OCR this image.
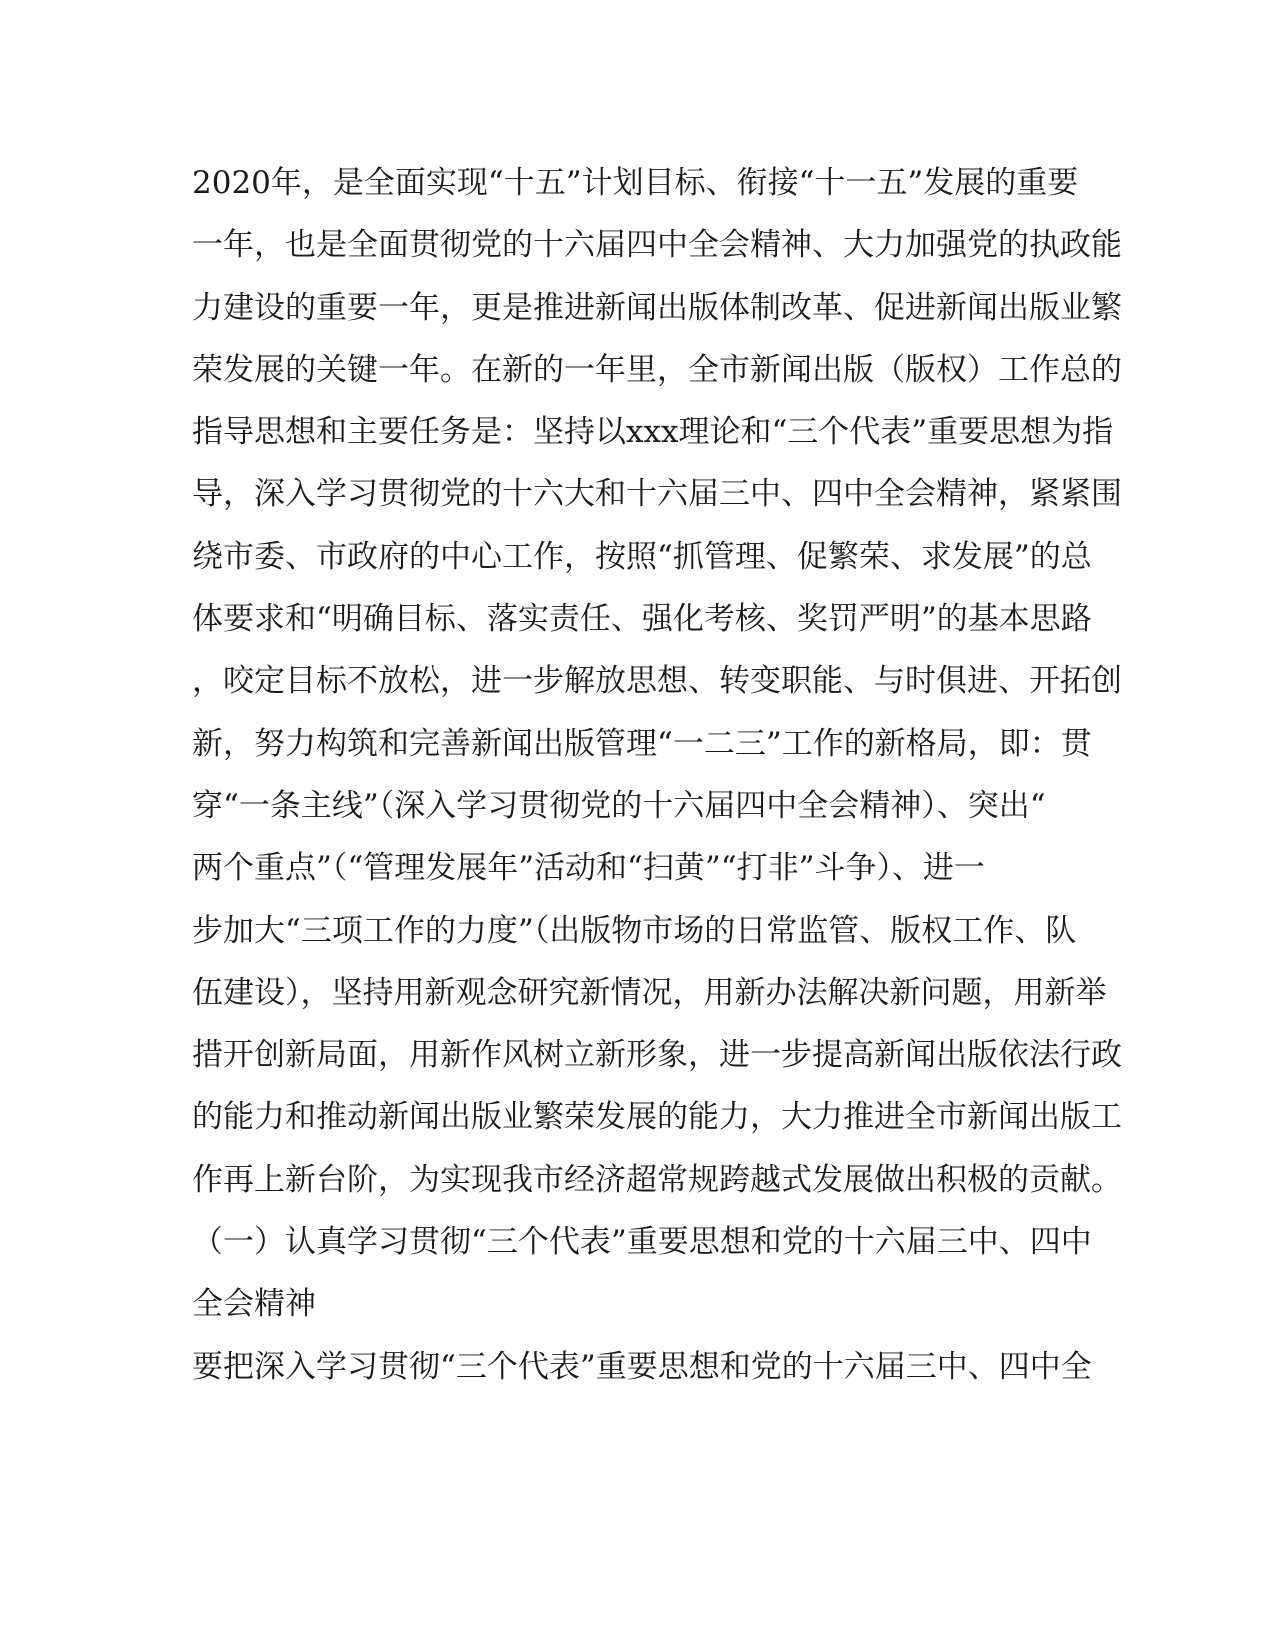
2020年，是全面实现“十五”计划目标、衔接“十一五”发展的重要
一年，也是全面贯彻党的十六届四中全会精神、大力加强党的执政能
力建设的重要一年，更是推进新闻出版体制改革、促进新闻出版业繁
荣发展的关键一年。在新的一年里，全市新闻出版（版权）工作总的
指导思想和主要任务是：坚持以xxx理论和“三个代表”重要思想为指
导，深入学习贯彻党的十六大和十六届三中、四中全会精神，紧紧围
绕市委、市政府的中心工作，按照“抓管理、促繁荣、求发展”的总
体要求和“明确目标、落实责任、强化考核、奖罚严明”的基本思路
，咬定目标不放松，进一步解放思想、转变职能、与时俱进、开拓创
新，努力构筑和完善新闻出版管理“一二三”工作的新格局，即：贯
穿“一条主线”（深入学习贯彻党的十六届四中全会精神）、突出“
两个重点”（“管理发展年”活动和“扫黄”“打非”斗争）、进一
步加大“三项工作的力度”（出版物市场的日常监管、版权工作、队
伍建设），坚持用新观念研究新情况，用新办法解决新问题，用新举
措开创新局面，用新作风树立新形象，进一步提高新闻出版依法行政
的能力和推动新闻出版业繁荣发展的能力，大力推进全市新闻出版工
作再上新台阶，为实现我市经济超常规跨越式发展做出积极的贡献。
（一）认真学习贯彻“三个代表”重要思想和党的十六届三中、四中
全会精神
要把深入学习贯彻“三个代表”重要思想和党的十六届三中、四中全
